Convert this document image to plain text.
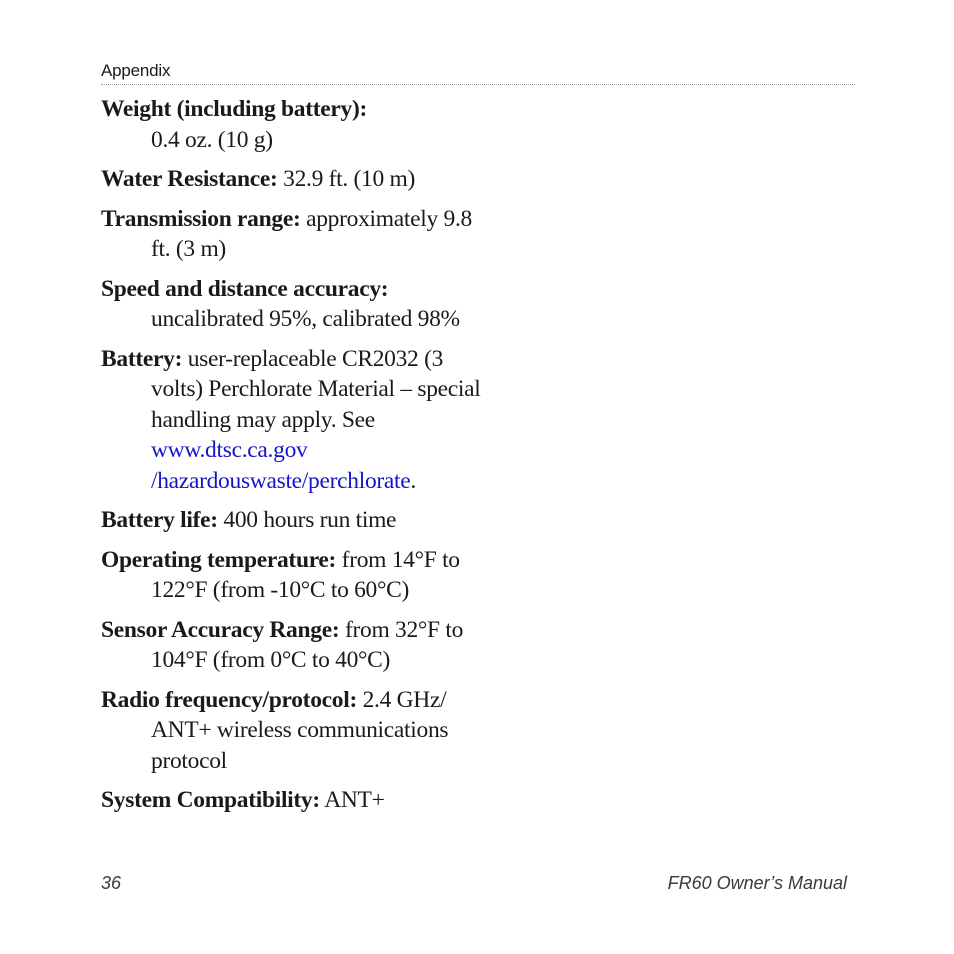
Appendix
Weight (including battery):
0.4 oz. (10 g)
Water Resistance: 32.9 ft. (10 m)
Transmission range: approximately 9.8 ft. (3 m)
Speed and distance accuracy:
uncalibrated 95%, calibrated 98%
Battery: user-replaceable CR2032 (3 volts) Perchlorate Material – special handling may apply. See
www.dtsc.ca.gov
/hazardouswaste/perchlorate.
Battery life: 400 hours run time
Operating temperature: from 14°F to 122°F (from -10°C to 60°C)
Sensor Accuracy Range: from 32°F to 104°F (from 0°C to 40°C)
Radio frequency/protocol: 2.4 GHz/ ANT+ wireless communications protocol
System Compatibility: ANT+
36	FR60 Owner’s Manual
